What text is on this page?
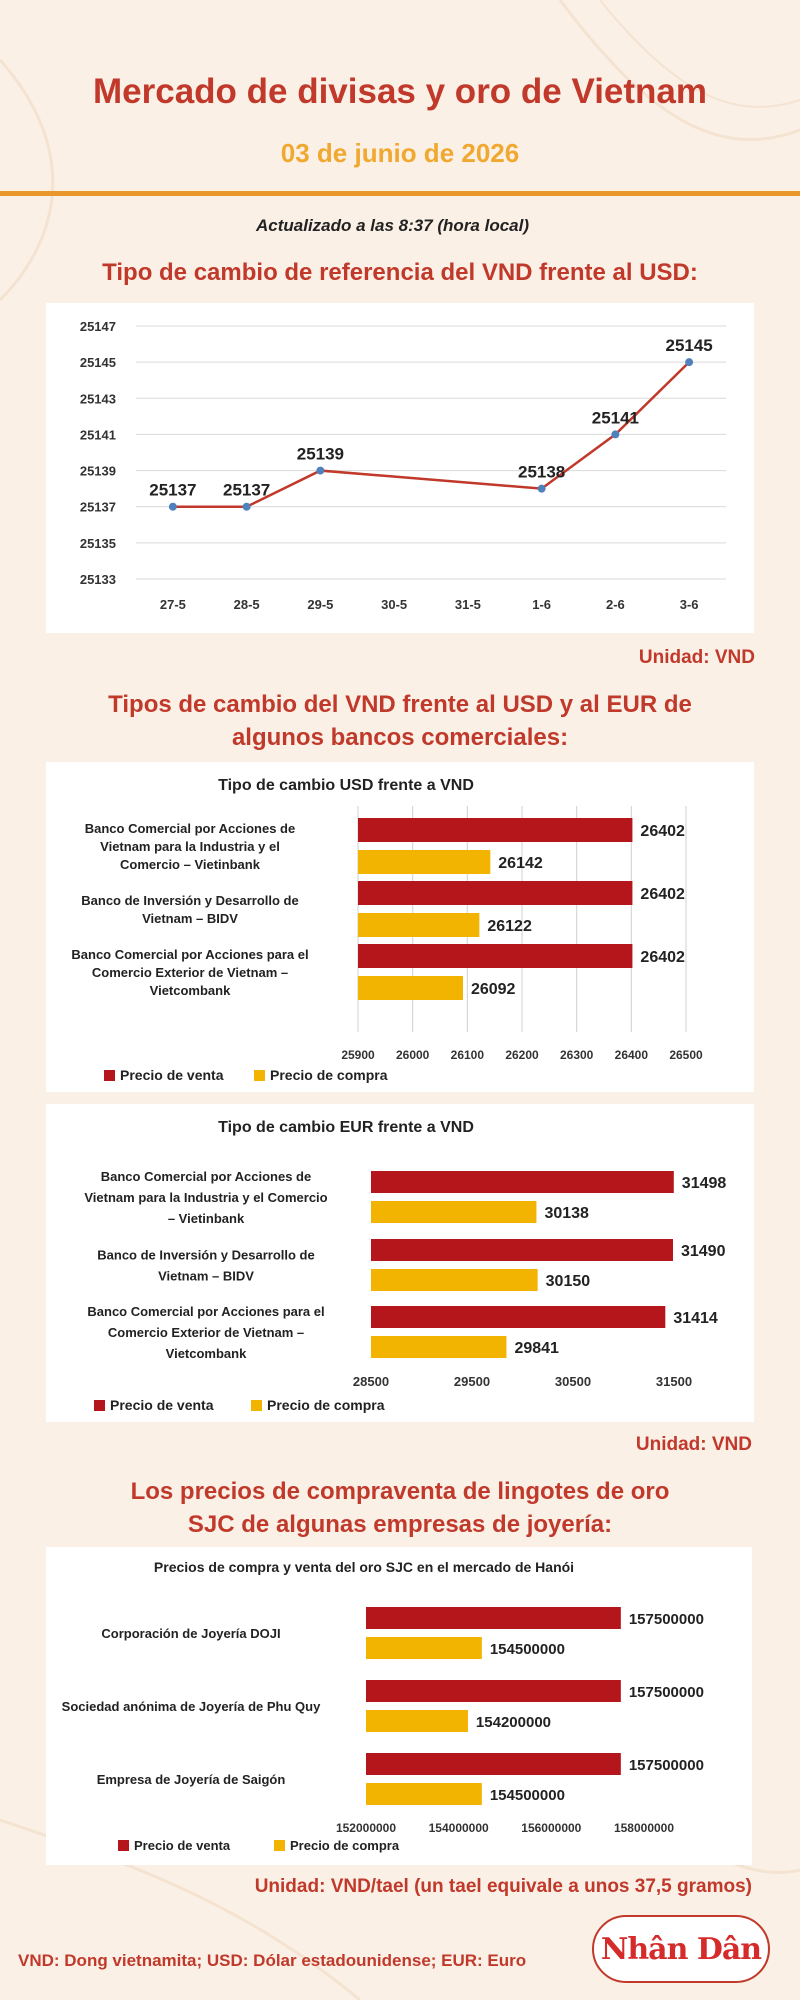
Mercado de divisas y oro de Vietnam
03 de junio de 2026
Actualizado a las 8:37 (hora local)
Tipo de cambio de referencia del VND frente al USD:
25133
25135
25137
25139
25141
25143
25145
25147
27-5	28-5	29-5	30-5	31-5	1-6	2-6	3-6
25137 25137
25139
25138
25141
25145
Unidad: VND
Tipos de cambio del VND frente al USD y al EUR de
algunos bancos comerciales:
Tipo de cambio USD frente a VND
25900 26000 26100 26200 26300 26400 26500
Banco Comercial por Acciones de
Vietnam para la Industria y el
Comercio – Vietinbank
26402
26142
Banco de Inversión y Desarrollo de
Vietnam – BIDV
26402
26122
Banco Comercial por Acciones para el
Comercio Exterior de Vietnam –
Vietcombank
26402
26092
Precio de venta	Precio de compra
Tipo de cambio EUR frente a VND
28500	29500	30500	31500
Banco Comercial por Acciones de
Vietnam para la Industria y el Comercio
– Vietinbank
31498
30138
Banco de Inversión y Desarrollo de
Vietnam – BIDV
31490
30150
Banco Comercial por Acciones para el
Comercio Exterior de Vietnam –
Vietcombank
31414
29841
Precio de venta	Precio de compra
Unidad: VND
Los precios de compraventa de lingotes de oro
SJC de algunas empresas de joyería:
Precios de compra y venta del oro SJC en el mercado de Hanói
152000000	154000000	156000000	158000000
Corporación de Joyería DOJI
157500000
154500000
Sociedad anónima de Joyería de Phu Quy
157500000
154200000
Empresa de Joyería de Saigón
157500000
154500000
Precio de venta	Precio de compra
Unidad: VND/tael (un tael equivale a unos 37,5 gramos)
VND: Dong vietnamita; USD: Dólar estadounidense; EUR: Euro Nhân Dân
